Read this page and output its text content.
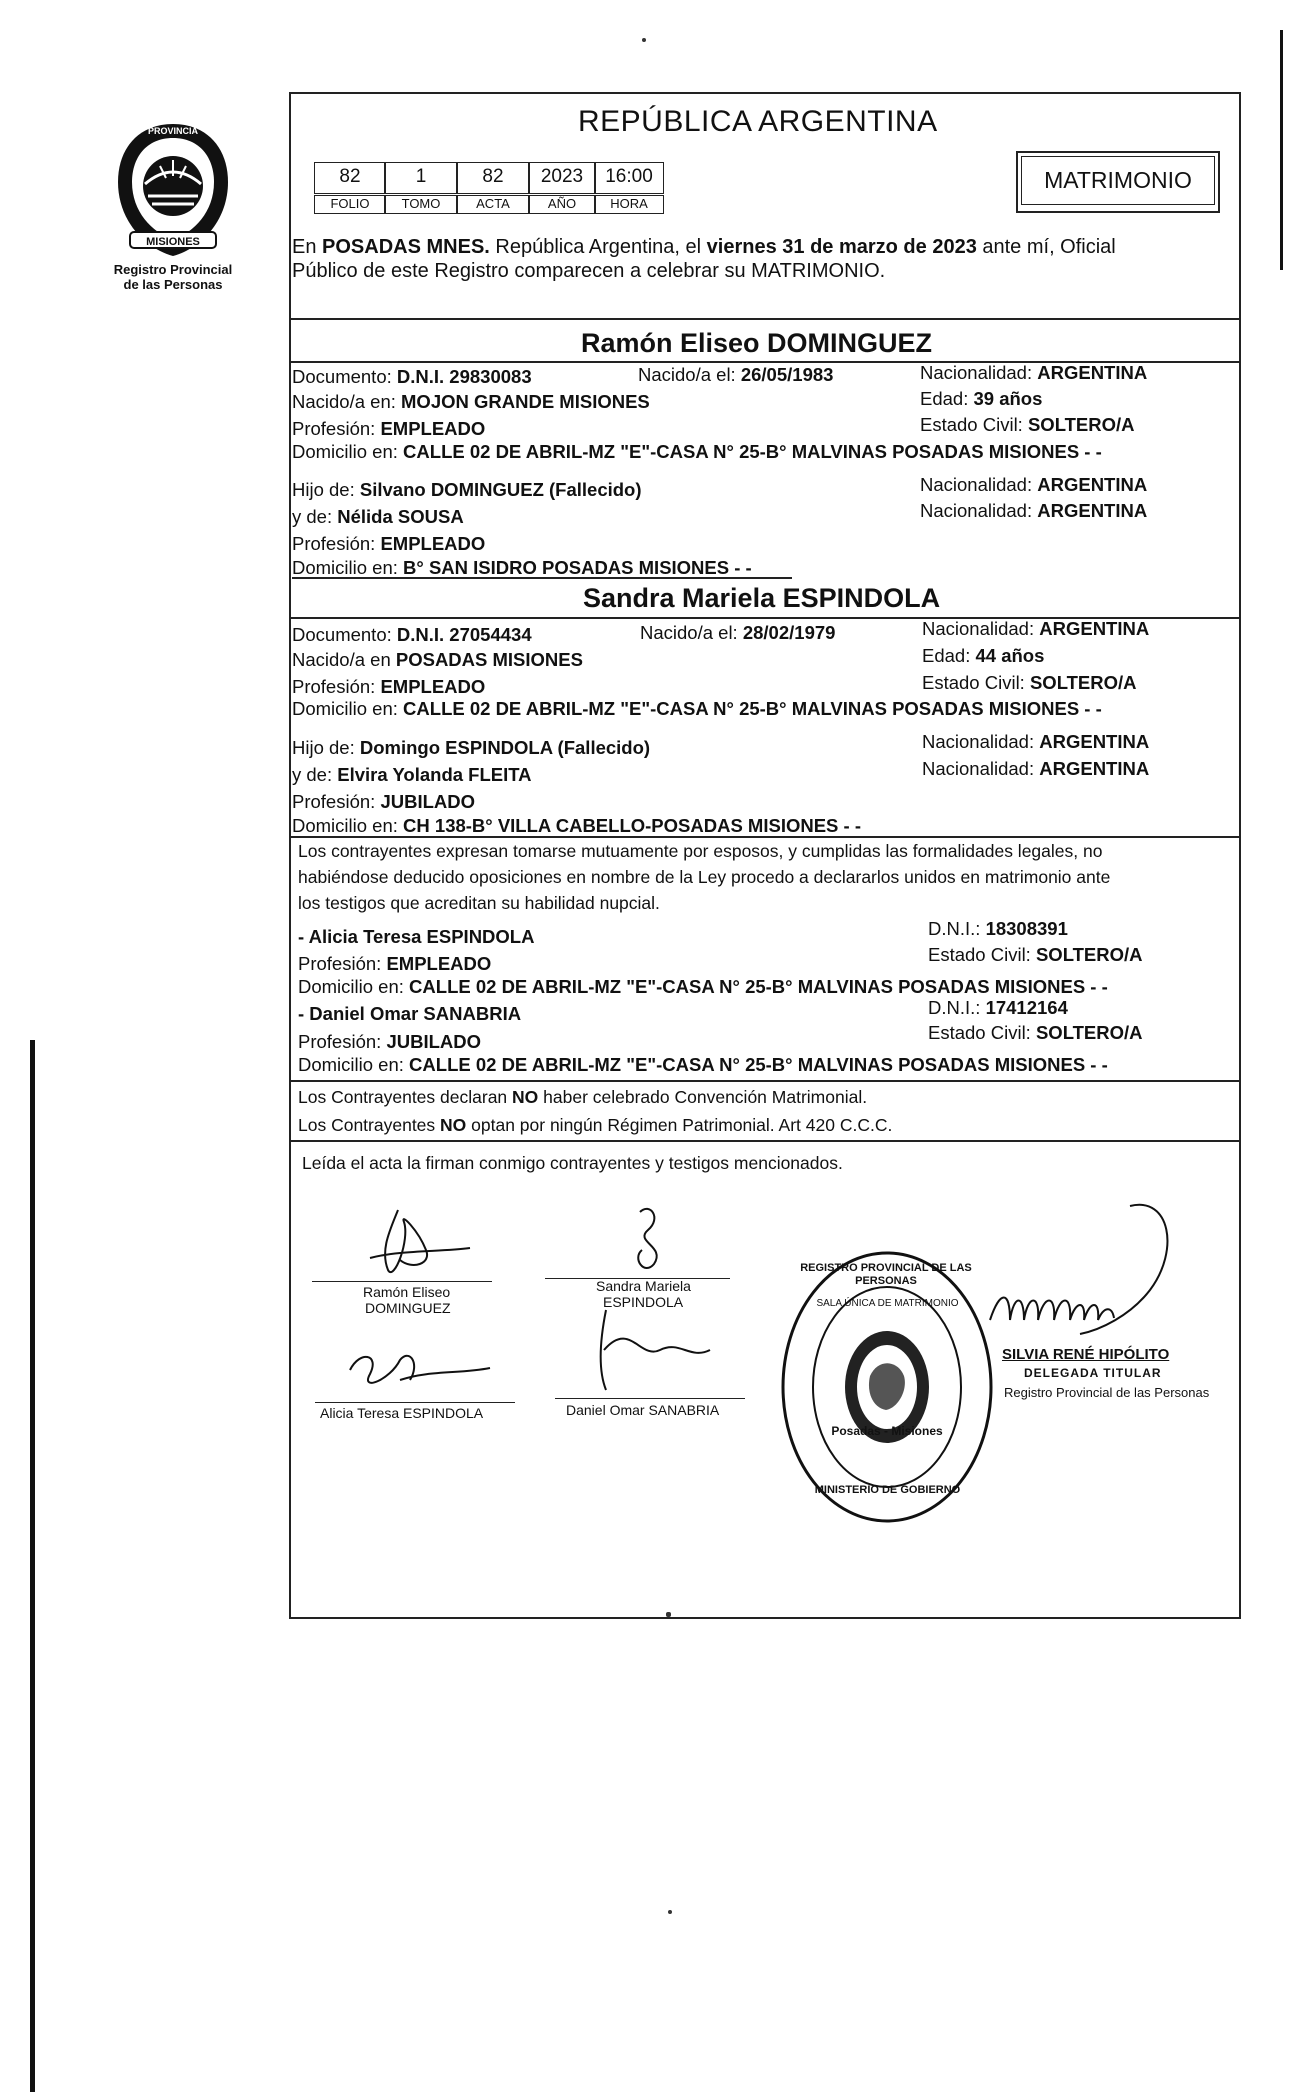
MISIONES
PROVINCIA
Registro Provincial
de las Personas
REPÚBLICA ARGENTINA
82	1	82	2023	16:00
FOLIO	TOMO	ACTA	AÑO	HORA
MATRIMONIO
En POSADAS MNES. República Argentina, el viernes 31 de marzo de 2023 ante mí, Oficial
Público de este Registro comparecen a celebrar su MATRIMONIO.
Ramón Eliseo DOMINGUEZ
Documento: D.N.I. 29830083	Nacido/a el: 26/05/1983	Nacionalidad: ARGENTINA
Nacido/a en: MOJON GRANDE MISIONES	Edad: 39 años
Profesión: EMPLEADO	Estado Civil: SOLTERO/A
Domicilio en: CALLE 02 DE ABRIL-MZ "E"-CASA N° 25-B° MALVINAS POSADAS MISIONES - -
Hijo de: Silvano DOMINGUEZ (Fallecido)	Nacionalidad: ARGENTINA
y de: Nélida SOUSA	Nacionalidad: ARGENTINA
Profesión: EMPLEADO
Domicilio en: B° SAN ISIDRO POSADAS MISIONES - -
Sandra Mariela ESPINDOLA
Documento: D.N.I. 27054434	Nacido/a el: 28/02/1979	Nacionalidad: ARGENTINA
Nacido/a en POSADAS MISIONES	Edad: 44 años
Profesión: EMPLEADO	Estado Civil: SOLTERO/A
Domicilio en: CALLE 02 DE ABRIL-MZ "E"-CASA N° 25-B° MALVINAS POSADAS MISIONES - -
Hijo de: Domingo ESPINDOLA (Fallecido)	Nacionalidad: ARGENTINA
y de: Elvira Yolanda FLEITA	Nacionalidad: ARGENTINA
Profesión: JUBILADO
Domicilio en: CH 138-B° VILLA CABELLO-POSADAS MISIONES - -
Los contrayentes expresan tomarse mutuamente por esposos, y cumplidas las formalidades legales, no
habiéndose deducido oposiciones en nombre de la Ley procedo a declararlos unidos en matrimonio ante
los testigos que acreditan su habilidad nupcial.
- Alicia Teresa ESPINDOLA	D.N.I.: 18308391
Profesión: EMPLEADO	Estado Civil: SOLTERO/A
Domicilio en: CALLE 02 DE ABRIL-MZ "E"-CASA N° 25-B° MALVINAS POSADAS MISIONES - -
- Daniel Omar SANABRIA	D.N.I.: 17412164
Profesión: JUBILADO	Estado Civil: SOLTERO/A
Domicilio en: CALLE 02 DE ABRIL-MZ "E"-CASA N° 25-B° MALVINAS POSADAS MISIONES - -
Los Contrayentes declaran NO haber celebrado Convención Matrimonial.
Los Contrayentes NO optan por ningún Régimen Patrimonial. Art 420 C.C.C.
Leída el acta la firman conmigo contrayentes y testigos mencionados.
Ramón Eliseo
DOMINGUEZ
Sandra Mariela
ESPINDOLA
Alicia Teresa ESPINDOLA	Daniel Omar SANABRIA
REGISTRO PROVINCIAL DE LAS PERSONAS
SALA ÚNICA DE MATRIMONIO
Posadas - Misiones
MINISTERIO DE GOBIERNO
SILVIA RENÉ HIPÓLITO
DELEGADA TITULAR
Registro Provincial de las Personas
